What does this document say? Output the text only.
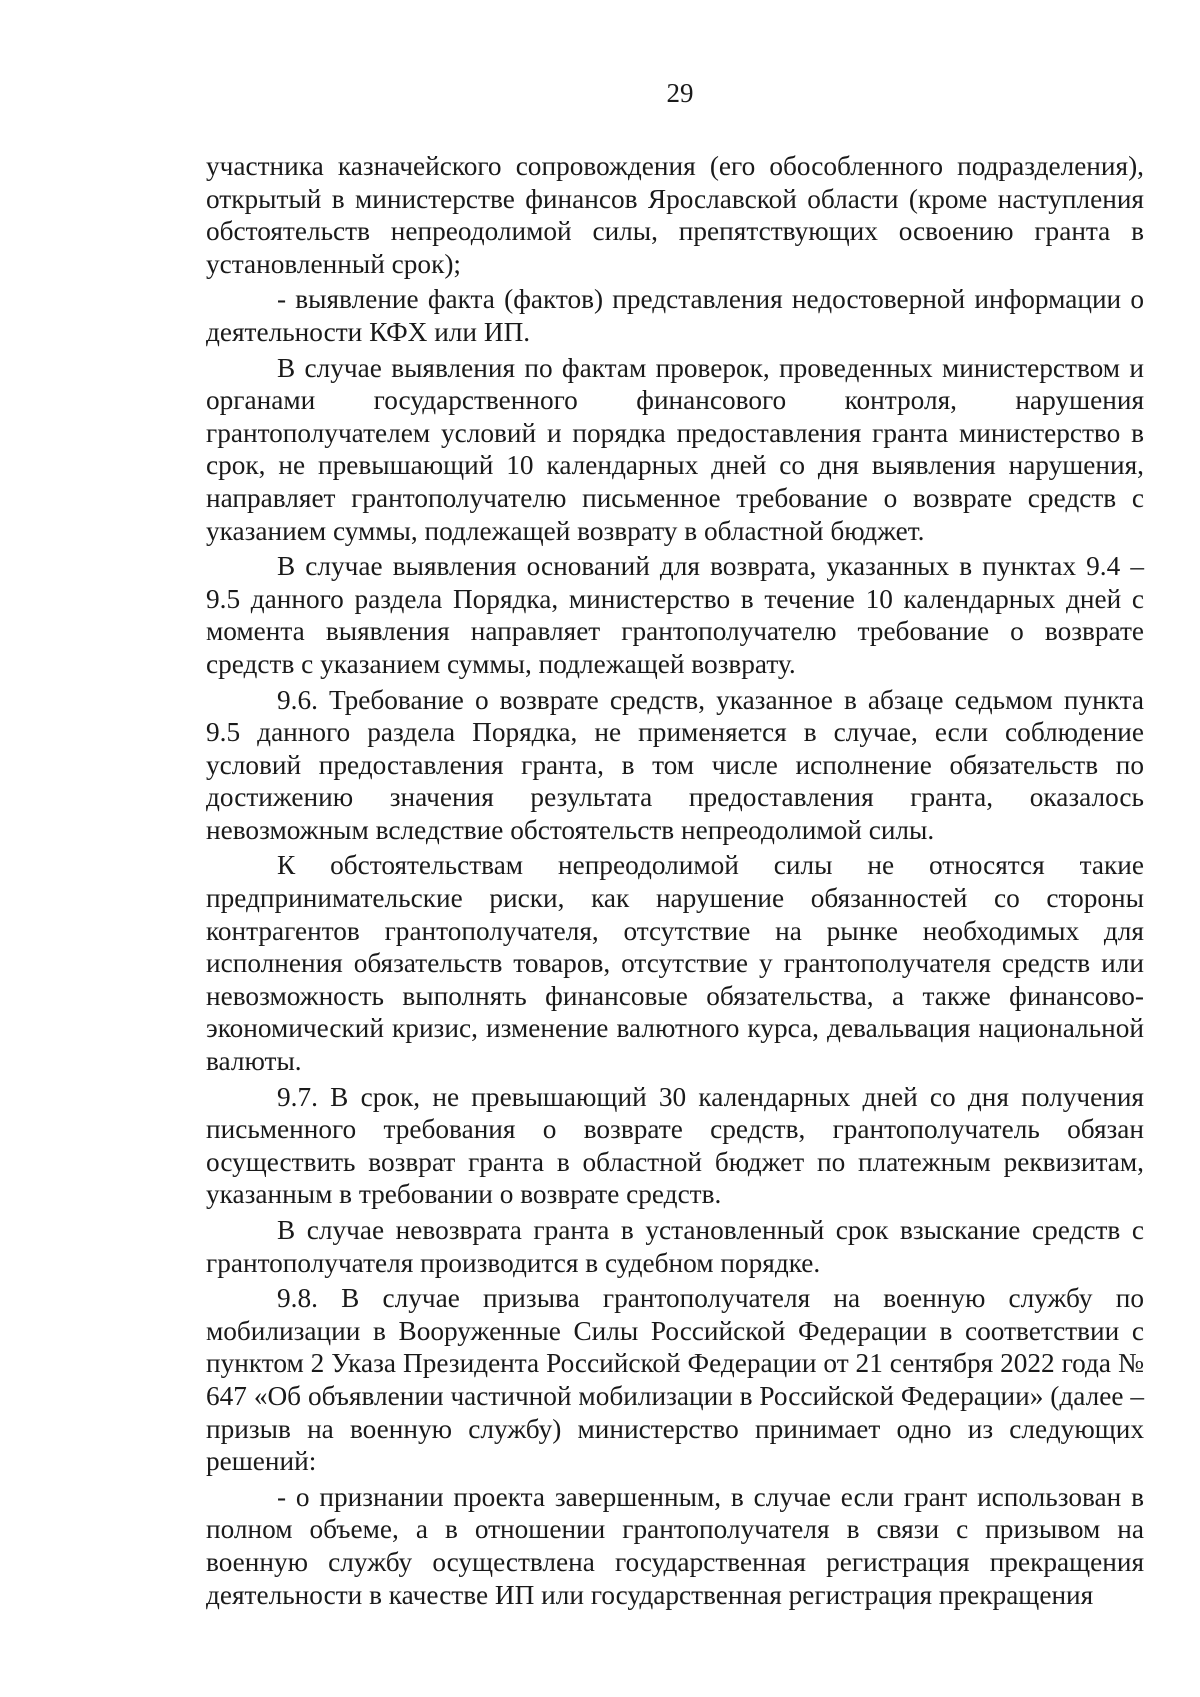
29

участника казначейского сопровождения (его обособленного подразделения), открытый в министерстве финансов Ярославской области (кроме наступления обстоятельств непреодолимой силы, препятствующих освоению гранта в установленный срок);

- выявление факта (фактов) представления недостоверной информации о деятельности КФХ или ИП.

В случае выявления по фактам проверок, проведенных министерством и органами государственного финансового контроля, нарушения грантополучателем условий и порядка предоставления гранта министерство в срок, не превышающий 10 календарных дней со дня выявления нарушения, направляет грантополучателю письменное требование о возврате средств с указанием суммы, подлежащей возврату в областной бюджет.

В случае выявления оснований для возврата, указанных в пунктах 9.4 – 9.5 данного раздела Порядка, министерство в течение 10 календарных дней с момента выявления направляет грантополучателю требование о возврате средств с указанием суммы, подлежащей возврату.

9.6. Требование о возврате средств, указанное в абзаце седьмом пункта 9.5 данного раздела Порядка, не применяется в случае, если соблюдение условий предоставления гранта, в том числе исполнение обязательств по достижению значения результата предоставления гранта, оказалось невозможным вследствие обстоятельств непреодолимой силы.

К обстоятельствам непреодолимой силы не относятся такие предпринимательские риски, как нарушение обязанностей со стороны контрагентов грантополучателя, отсутствие на рынке необходимых для исполнения обязательств товаров, отсутствие у грантополучателя средств или невозможность выполнять финансовые обязательства, а также финансово-экономический кризис, изменение валютного курса, девальвация национальной валюты.

9.7. В срок, не превышающий 30 календарных дней со дня получения письменного требования о возврате средств, грантополучатель обязан осуществить возврат гранта в областной бюджет по платежным реквизитам, указанным в требовании о возврате средств.

В случае невозврата гранта в установленный срок взыскание средств с грантополучателя производится в судебном порядке.

9.8. В случае призыва грантополучателя на военную службу по мобилизации в Вооруженные Силы Российской Федерации в соответствии с пунктом 2 Указа Президента Российской Федерации от 21 сентября 2022 года № 647 «Об объявлении частичной мобилизации в Российской Федерации» (далее – призыв на военную службу) министерство принимает одно из следующих решений:

- о признании проекта завершенным, в случае если грант использован в полном объеме, а в отношении грантополучателя в связи с призывом на военную службу осуществлена государственная регистрация прекращения деятельности в качестве ИП или государственная регистрация прекращения
